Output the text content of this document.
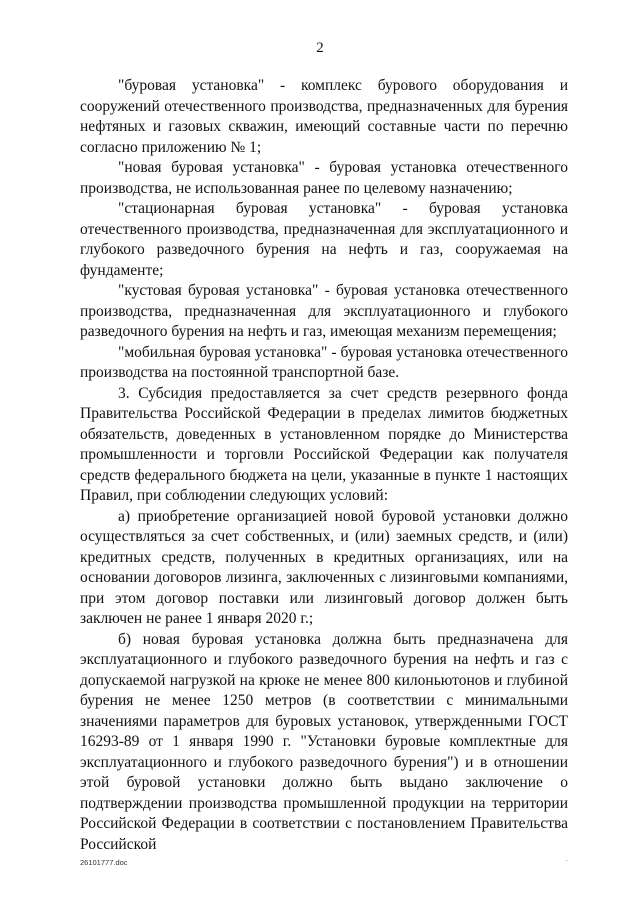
2

"буровая установка" - комплекс бурового оборудования и сооружений отечественного производства, предназначенных для бурения нефтяных и газовых скважин, имеющий составные части по перечню согласно приложению № 1;

"новая буровая установка" - буровая установка отечественного производства, не использованная ранее по целевому назначению;

"стационарная буровая установка" - буровая установка отечественного производства, предназначенная для эксплуатационного и глубокого разведочного бурения на нефть и газ, сооружаемая на фундаменте;

"кустовая буровая установка" - буровая установка отечественного производства, предназначенная для эксплуатационного и глубокого разведочного бурения на нефть и газ, имеющая механизм перемещения;

"мобильная буровая установка" - буровая установка отечественного производства на постоянной транспортной базе.

3. Субсидия предоставляется за счет средств резервного фонда Правительства Российской Федерации в пределах лимитов бюджетных обязательств, доведенных в установленном порядке до Министерства промышленности и торговли Российской Федерации как получателя средств федерального бюджета на цели, указанные в пункте 1 настоящих Правил, при соблюдении следующих условий:

а) приобретение организацией новой буровой установки должно осуществляться за счет собственных, и (или) заемных средств, и (или) кредитных средств, полученных в кредитных организациях, или на основании договоров лизинга, заключенных с лизинговыми компаниями, при этом договор поставки или лизинговый договор должен быть заключен не ранее 1 января 2020 г.;

б) новая буровая установка должна быть предназначена для эксплуатационного и глубокого разведочного бурения на нефть и газ с допускаемой нагрузкой на крюке не менее 800 килоньютонов и глубиной бурения не менее 1250 метров (в соответствии с минимальными значениями параметров для буровых установок, утвержденными ГОСТ 16293-89 от 1 января 1990 г. "Установки буровые комплектные для эксплуатационного и глубокого разведочного бурения") и в отношении этой буровой установки должно быть выдано заключение о подтверждении производства промышленной продукции на территории Российской Федерации в соответствии с постановлением Правительства Российской

26101777.doc	.
